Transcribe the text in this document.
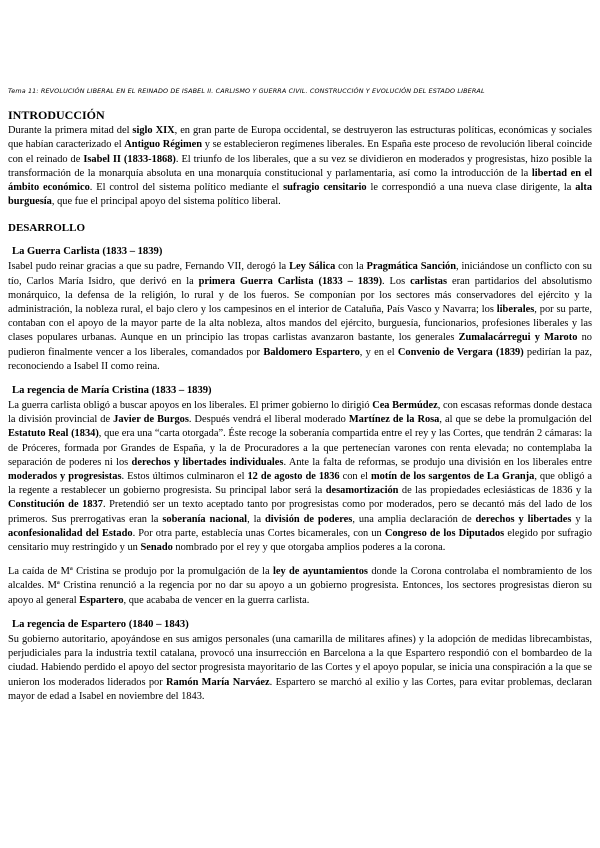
Tema 11: REVOLUCIÓN LIBERAL EN EL REINADO DE ISABEL II. CARLISMO Y GUERRA CIVIL. CONSTRUCCIÓN Y EVOLUCIÓN DEL ESTADO LIBERAL
INTRODUCCIÓN

Durante la primera mitad del siglo XIX, en gran parte de Europa occidental, se destruyeron las estructuras políticas, económicas y sociales que habían caracterizado el Antiguo Régimen y se establecieron regímenes liberales. En España este proceso de revolución liberal coincide con el reinado de Isabel II (1833-1868). El triunfo de los liberales, que a su vez se dividieron en moderados y progresistas, hizo posible la transformación de la monarquía absoluta en una monarquía constitucional y parlamentaria, así como la introducción de la libertad en el ámbito económico. El control del sistema político mediante el sufragio censitario le correspondió a una nueva clase dirigente, la alta burguesía, que fue el principal apoyo del sistema político liberal.

DESARROLLO
La Guerra Carlista (1833 – 1839)

Isabel pudo reinar gracias a que su padre, Fernando VII, derogó la Ley Sálica con la Pragmática Sanción, iniciándose un conflicto con su tío, Carlos María Isidro, que derivó en la primera Guerra Carlista (1833 – 1839). Los carlistas eran partidarios del absolutismo monárquico, la defensa de la religión, lo rural y de los fueros. Se componían por los sectores más conservadores del ejército y la administración, la nobleza rural, el bajo clero y los campesinos en el interior de Cataluña, País Vasco y Navarra; los liberales, por su parte, contaban con el apoyo de la mayor parte de la alta nobleza, altos mandos del ejército, burguesía, funcionarios, profesiones liberales y las clases populares urbanas. Aunque en un principio las tropas carlistas avanzaron bastante, los generales Zumalacárregui y Maroto no pudieron finalmente vencer a los liberales, comandados por Baldomero Espartero, y en el Convenio de Vergara (1839) pedirían la paz, reconociendo a Isabel II como reina.

La regencia de María Cristina (1833 – 1839)

La guerra carlista obligó a buscar apoyos en los liberales. El primer gobierno lo dirigió Cea Bermúdez, con escasas reformas donde destaca la división provincial de Javier de Burgos. Después vendrá el liberal moderado Martínez de la Rosa, al que se debe la promulgación del Estatuto Real (1834), que era una “carta otorgada”. Éste recoge la soberanía compartida entre el rey y las Cortes, que tendrán 2 cámaras: la de Próceres, formada por Grandes de España, y la de Procuradores a la que pertenecían varones con renta elevada; no contemplaba la separación de poderes ni los derechos y libertades individuales. Ante la falta de reformas, se produjo una división en los liberales entre moderados y progresistas. Estos últimos culminaron el 12 de agosto de 1836 con el motín de los sargentos de La Granja, que obligó a la regente a restablecer un gobierno progresista. Su principal labor será la desamortización de las propiedades eclesiásticas de 1836 y la Constitución de 1837. Pretendió ser un texto aceptado tanto por progresistas como por moderados, pero se decantó más del lado de los primeros. Sus prerrogativas eran la soberanía nacional, la división de poderes, una amplia declaración de derechos y libertades y la aconfesionalidad del Estado. Por otra parte, establecía unas Cortes bicamerales, con un Congreso de los Diputados elegido por sufragio censitario muy restringido y un Senado nombrado por el rey y que otorgaba amplios poderes a la corona.

La caída de Mª Cristina se produjo por la promulgación de la ley de ayuntamientos donde la Corona controlaba el nombramiento de los alcaldes. Mª Cristina renunció a la regencia por no dar su apoyo a un gobierno progresista. Entonces, los sectores progresistas dieron su apoyo al general Espartero, que acababa de vencer en la guerra carlista.

La regencia de Espartero (1840 – 1843)

Su gobierno autoritario, apoyándose en sus amigos personales (una camarilla de militares afines) y la adopción de medidas librecambistas, perjudiciales para la industria textil catalana, provocó una insurrección en Barcelona a la que Espartero respondió con el bombardeo de la ciudad. Habiendo perdido el apoyo del sector progresista mayoritario de las Cortes y el apoyo popular, se inicia una conspiración a la que se unieron los moderados liderados por Ramón María Narváez. Espartero se marchó al exilio y las Cortes, para evitar problemas, declaran mayor de edad a Isabel en noviembre del 1843.
